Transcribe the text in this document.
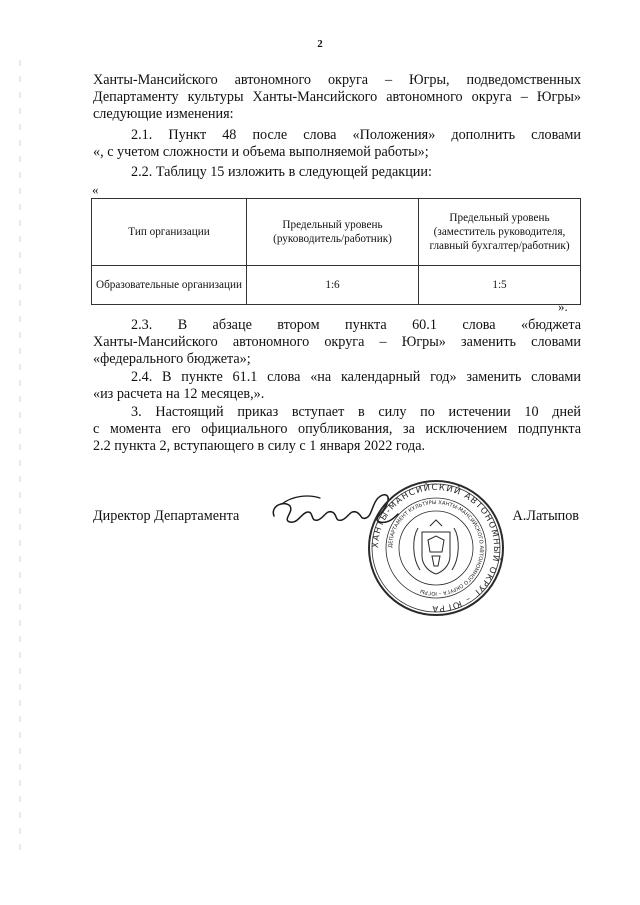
2
Ханты-Мансийского автономного округа – Югры, подведомственных
Департаменту культуры Ханты-Мансийского автономного округа – Югры»
следующие изменения:
2.1. Пункт 48 после слова «Положения» дополнить словами
«, с учетом сложности и объема выполняемой работы»;
2.2. Таблицу 15 изложить в следующей редакции:
«
Тип организации	Предельный уровень (руководитель/работник)	Предельный уровень (заместитель руководителя, главный бухгалтер/работник)
Образовательные организации	1:6	1:5
».
2.3. В абзаце втором пункта 60.1 слова «бюджета
Ханты-Мансийского автономного округа – Югры» заменить словами
«федерального бюджета»;
2.4. В пункте 61.1 слова «на календарный год» заменить словами
«из расчета на 12 месяцев,».
3. Настоящий приказ вступает в силу по истечении 10 дней
с момента его официального опубликования, за исключением подпункта
2.2 пункта 2, вступающего в силу с 1 января 2022 года.
Директор Департамента	А.Латыпов
ХАНТЫ-МАНСИЙСКИЙ АВТОНОМНЫЙ ОКРУГ – ЮГРА
ДЕПАРТАМЕНТ КУЛЬТУРЫ ХАНТЫ-МАНСИЙСКОГО АВТОНОМНОГО ОКРУГА – ЮГРЫ
